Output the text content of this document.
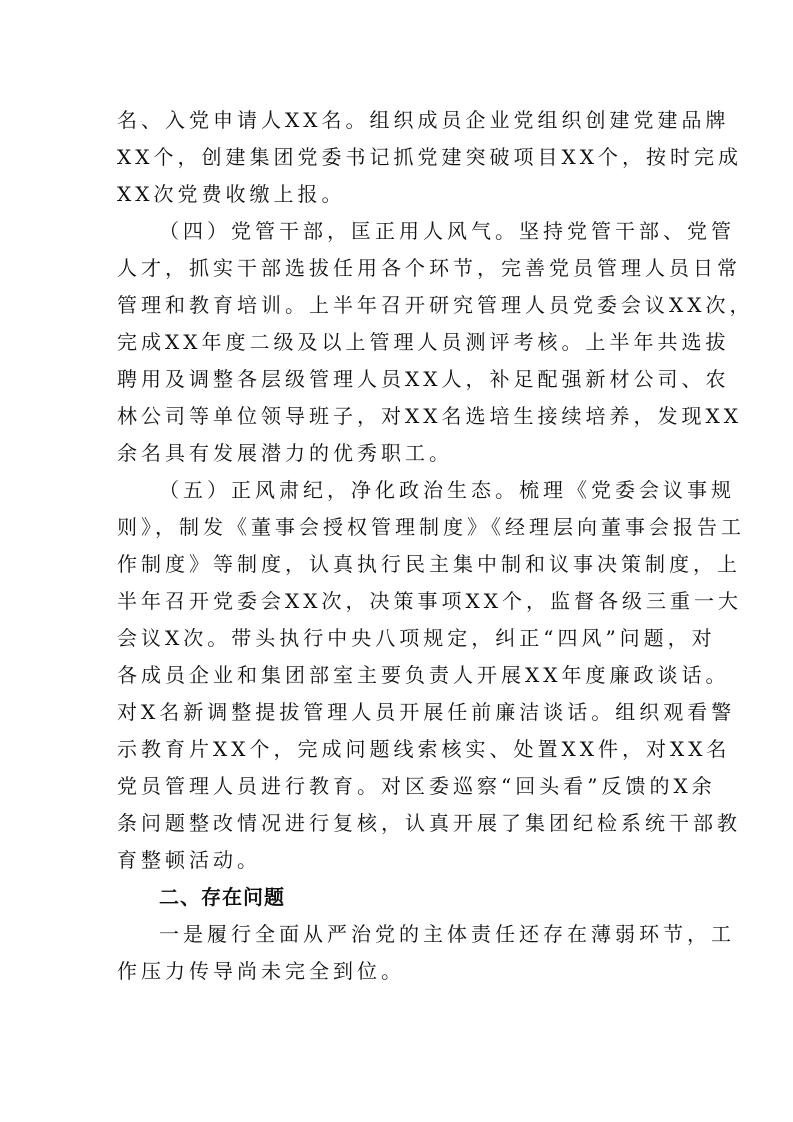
名、入党申请人XX名。组织成员企业党组织创建党建品牌
XX个，创建集团党委书记抓党建突破项目XX个，按时完成
XX次党费收缴上报。
（四）党管干部，匡正用人风气。坚持党管干部、党管
人才，抓实干部选拔任用各个环节，完善党员管理人员日常
管理和教育培训。上半年召开研究管理人员党委会议XX次，
完成XX年度二级及以上管理人员测评考核。上半年共选拔
聘用及调整各层级管理人员XX人，补足配强新材公司、农
林公司等单位领导班子，对XX名选培生接续培养，发现XX
余名具有发展潜力的优秀职工。
（五）正风肃纪，净化政治生态。梳理《党委会议事规
则》，制发《董事会授权管理制度》《经理层向董事会报告工
作制度》等制度，认真执行民主集中制和议事决策制度，上
半年召开党委会XX次，决策事项XX个，监督各级三重一大
会议X次。带头执行中央八项规定，纠正“四风”问题，对
各成员企业和集团部室主要负责人开展XX年度廉政谈话。
对X名新调整提拔管理人员开展任前廉洁谈话。组织观看警
示教育片XX个，完成问题线索核实、处置XX件，对XX名
党员管理人员进行教育。对区委巡察“回头看”反馈的X余
条问题整改情况进行复核，认真开展了集团纪检系统干部教
育整顿活动。
二、存在问题
一是履行全面从严治党的主体责任还存在薄弱环节，工
作压力传导尚未完全到位。
